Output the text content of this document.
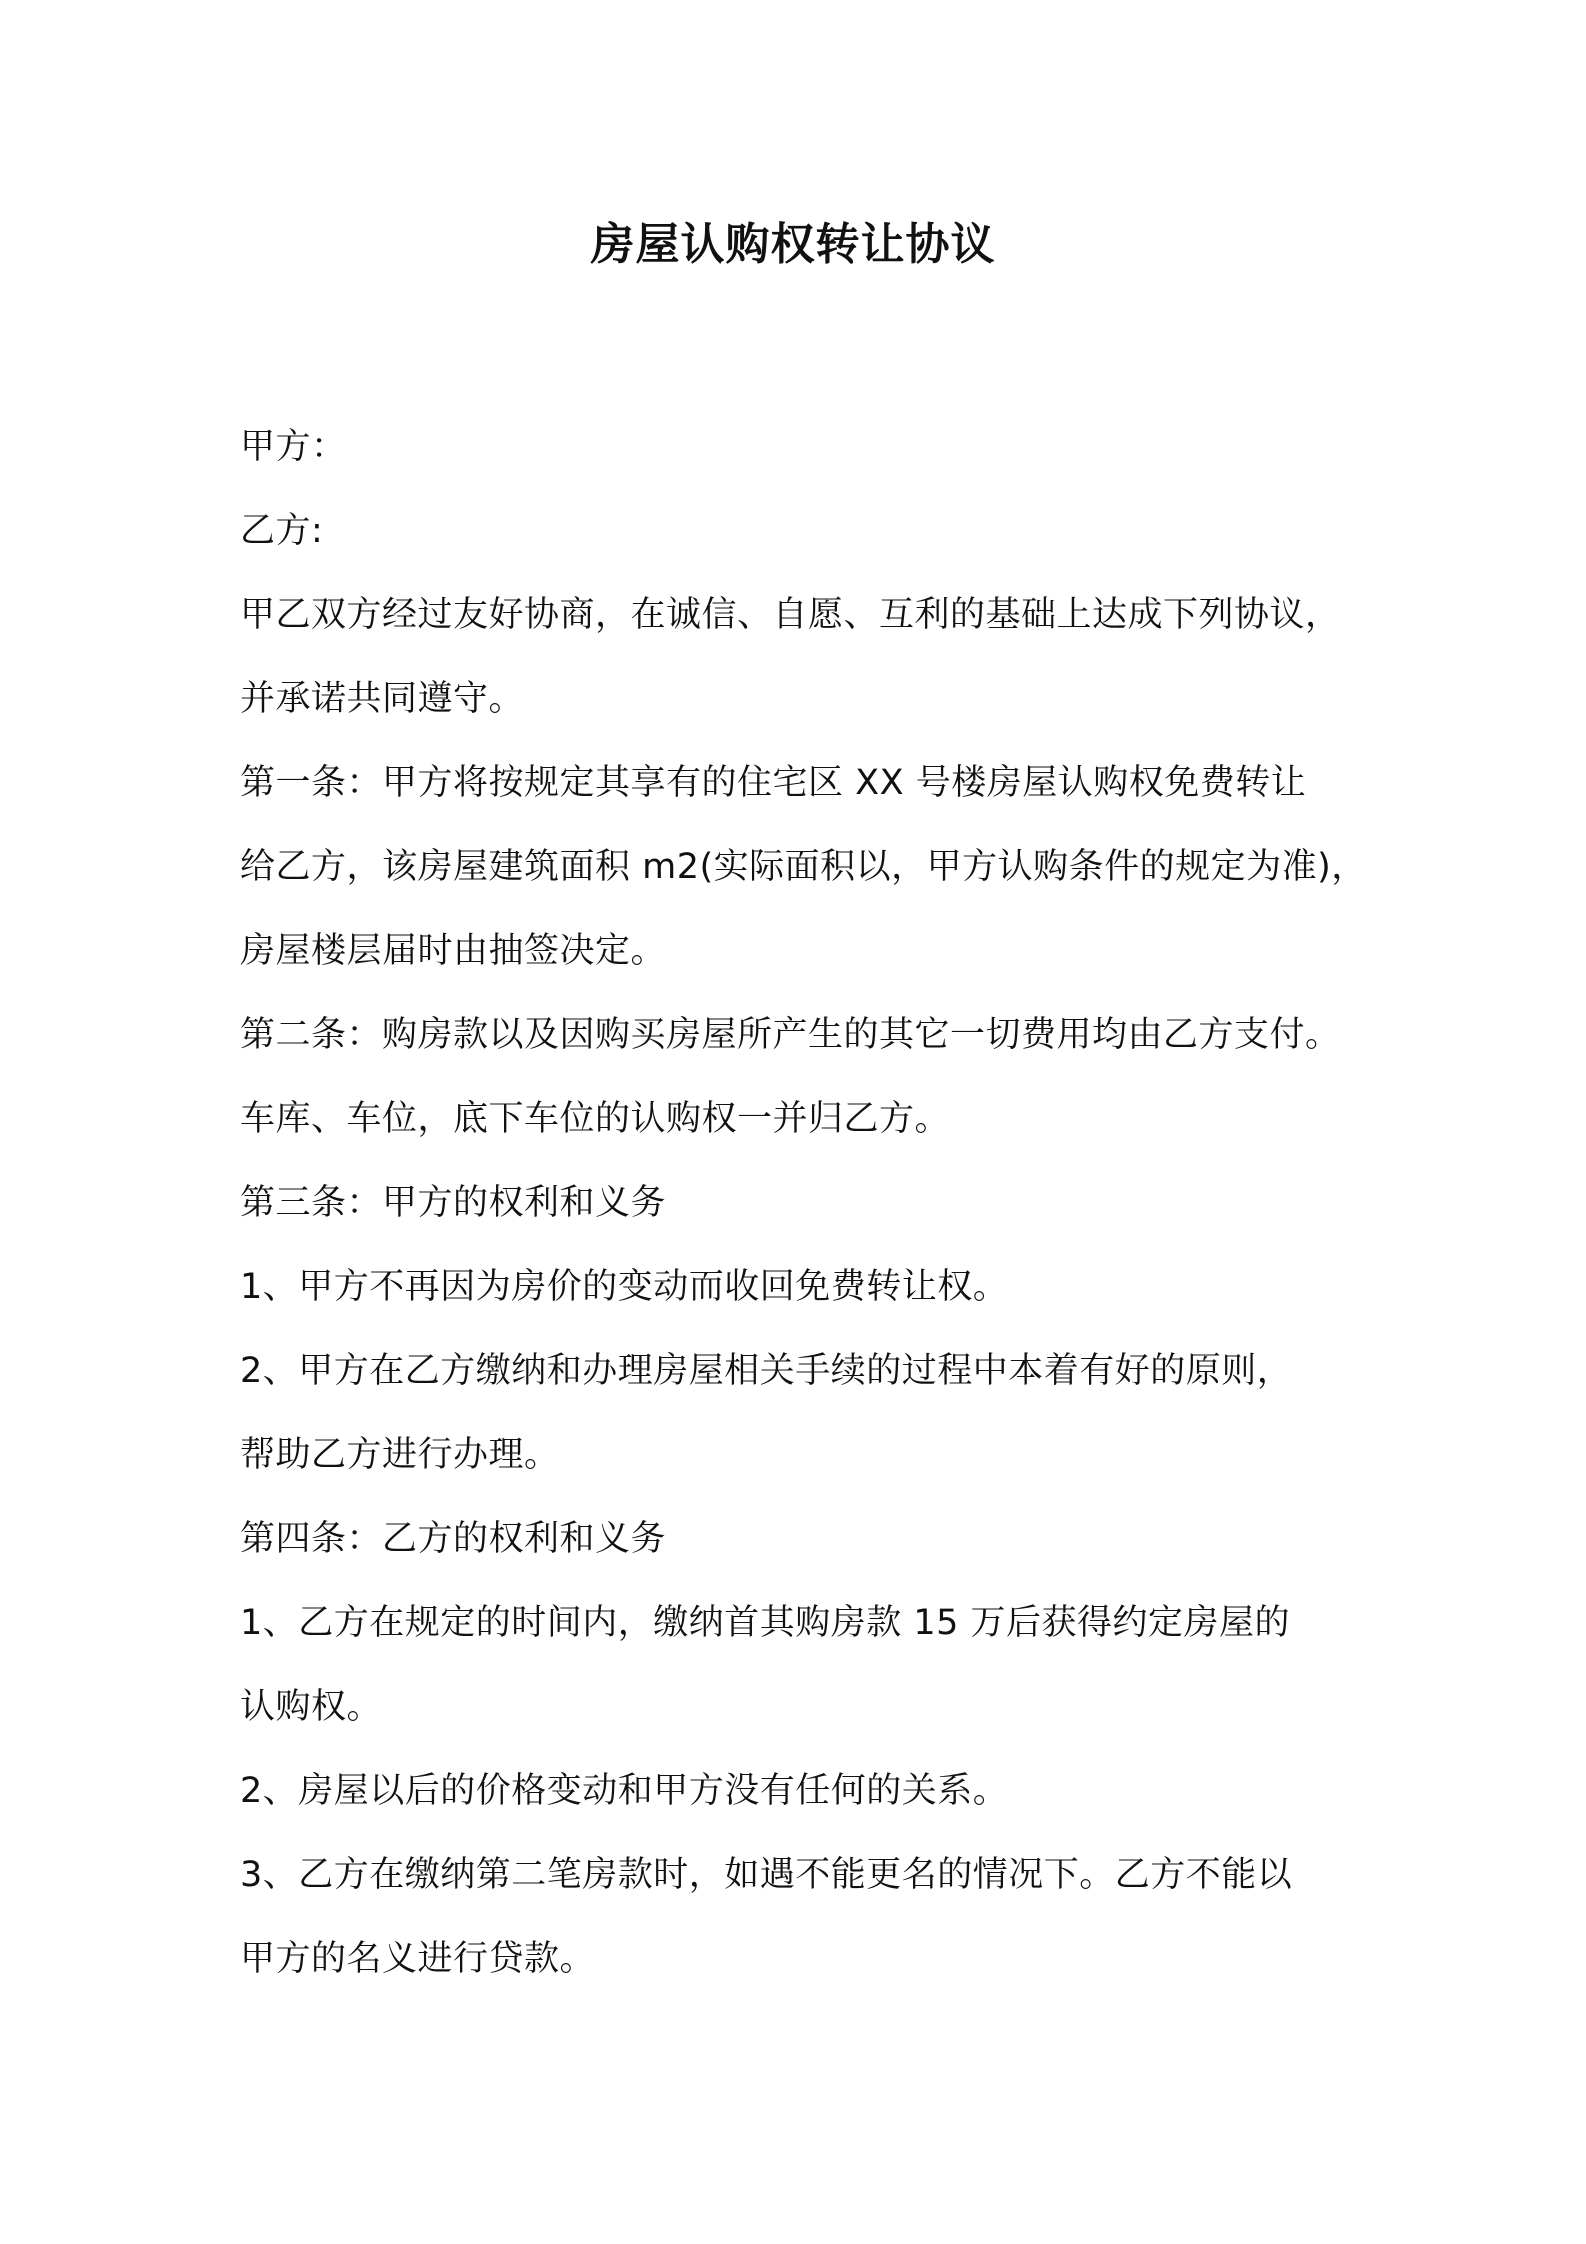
房屋认购权转让协议

甲方：

乙方:

甲乙双方经过友好协商，在诚信、自愿、互利的基础上达成下列协议，

并承诺共同遵守。

第一条：甲方将按规定其享有的住宅区 XX 号楼房屋认购权免费转让

给乙方，该房屋建筑面积 m2(实际面积以，甲方认购条件的规定为准)，

房屋楼层届时由抽签决定。

第二条：购房款以及因购买房屋所产生的其它一切费用均由乙方支付。

车库、车位，底下车位的认购权一并归乙方。

第三条：甲方的权利和义务

1、甲方不再因为房价的变动而收回免费转让权。

2、甲方在乙方缴纳和办理房屋相关手续的过程中本着有好的原则，

帮助乙方进行办理。

第四条：乙方的权利和义务

1、乙方在规定的时间内，缴纳首其购房款 15 万后获得约定房屋的

认购权。

2、房屋以后的价格变动和甲方没有任何的关系。

3、乙方在缴纳第二笔房款时，如遇不能更名的情况下。乙方不能以

甲方的名义进行贷款。
